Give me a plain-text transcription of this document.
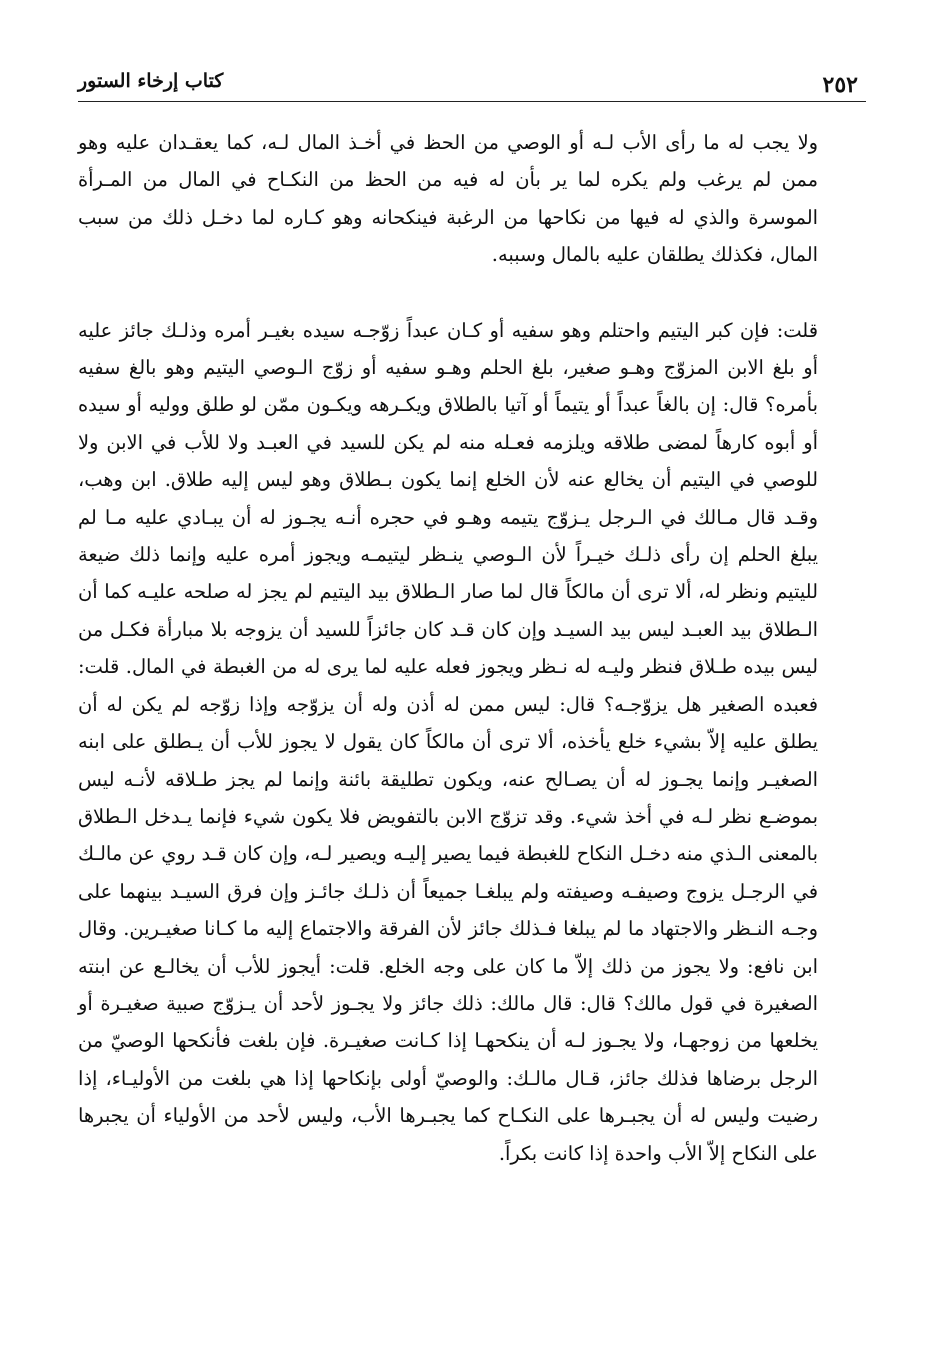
٢٥٢
كتاب إرخاء الستور

ولا يجب له ما رأى الأب لـه أو الوصي من الحظ في أخـذ المال لـه، كما يعقـدان عليه وهو ممن لم يرغب ولم يكره لما ير بأن له فيه من الحظ من النكـاح في المال من المـرأة الموسرة والذي له فيها من نكاحها من الرغبة فينكحانه وهو كـاره لما دخـل ذلك من سبب المال، فكذلك يطلقان عليه بالمال وسببه.

قلت: فإن كبر اليتيم واحتلم وهو سفيه أو كـان عبداً زوّجـه سيده بغيـر أمره وذلـك جائز عليه أو بلغ الابن المزوّج وهـو صغير، بلغ الحلم وهـو سفيه أو زوّج الـوصي اليتيم وهو بالغ سفيه بأمره؟ قال: إن بالغاً عبداً أو يتيماً أو آتيا بالطلاق ويكـرهه ويكـون ممّن لو طلق ووليه أو سيده أو أبوه كارهاً لمضى طلاقه ويلزمه فعـله منه لم يكن للسيد في العبـد ولا للأب في الابن ولا للوصي في اليتيم أن يخالع عنه لأن الخلع إنما يكون بـطلاق وهو ليس إليه طلاق. ابن وهب، وقـد قال مـالك في الـرجل يـزوّج يتيمه وهـو في حجره أنـه يجـوز له أن يبـادي عليه مـا لم يبلغ الحلم إن رأى ذلـك خيـراً لأن الـوصي ينـظر ليتيمـه ويجوز أمره عليه وإنما ذلك ضيعة لليتيم ونظر له، ألا ترى أن مالكاً قال لما صار الـطلاق بيد اليتيم لم يجز له صلحه عليـه كما أن الـطلاق بيد العبـد ليس بيد السيـد وإن كان قـد كان جائزاً للسيد أن يزوجه بلا مبارأة فكـل من ليس بيده طـلاق فنظر وليـه له نـظر ويجوز فعله عليه لما يرى له من الغبطة في المال. قلت: فعبده الصغير هل يزوّجـه؟ قال: ليس ممن له أذن وله أن يزوّجه وإذا زوّجه لم يكن له أن يطلق عليه إلاّ بشيء خلع يأخذه، ألا ترى أن مالكاً كان يقول لا يجوز للأب أن يـطلق على ابنه الصغيـر وإنما يجـوز له أن يصـالح عنه، ويكون تطليقة بائنة وإنما لم يجز طـلاقه لأنـه ليس بموضـع نظر لـه في أخذ شيء. وقد تزوّج الابن بالتفويض فلا يكون شيء فإنما يـدخل الـطلاق بالمعنى الـذي منه دخـل النكاح للغبطة فيما يصير إليـه ويصير لـه، وإن كان قـد روي عن مالـك في الرجـل يزوج وصيفـه وصيفته ولم يبلغـا جميعاً أن ذلـك جائـز وإن فرق السيـد بينهما على وجـه النـظر والاجتهاد ما لم يبلغا فـذلك جائز لأن الفرقة والاجتماع إليه ما كـانا صغيـرين. وقال ابن نافع: ولا يجوز من ذلك إلاّ ما كان على وجه الخلع. قلت: أيجوز للأب أن يخالـع عن ابنته الصغيرة في قول مالك؟ قال: قال مالك: ذلك جائز ولا يجـوز لأحد أن يـزوّج صبية صغيـرة أو يخلعها من زوجهـا، ولا يجـوز لـه أن ينكحهـا إذا كـانت صغيـرة. فإن بلغت فأنكحها الوصيّ من الرجل برضاها فذلك جائز، قـال مالـك: والوصيّ أولى بإنكاحها إذا هي بلغت من الأوليـاء، إذا رضيت وليس له أن يجبـرها على النكـاح كما يجبـرها الأب، وليس لأحد من الأولياء أن يجبرها على النكاح إلاّ الأب واحدة إذا كانت بكراً.
